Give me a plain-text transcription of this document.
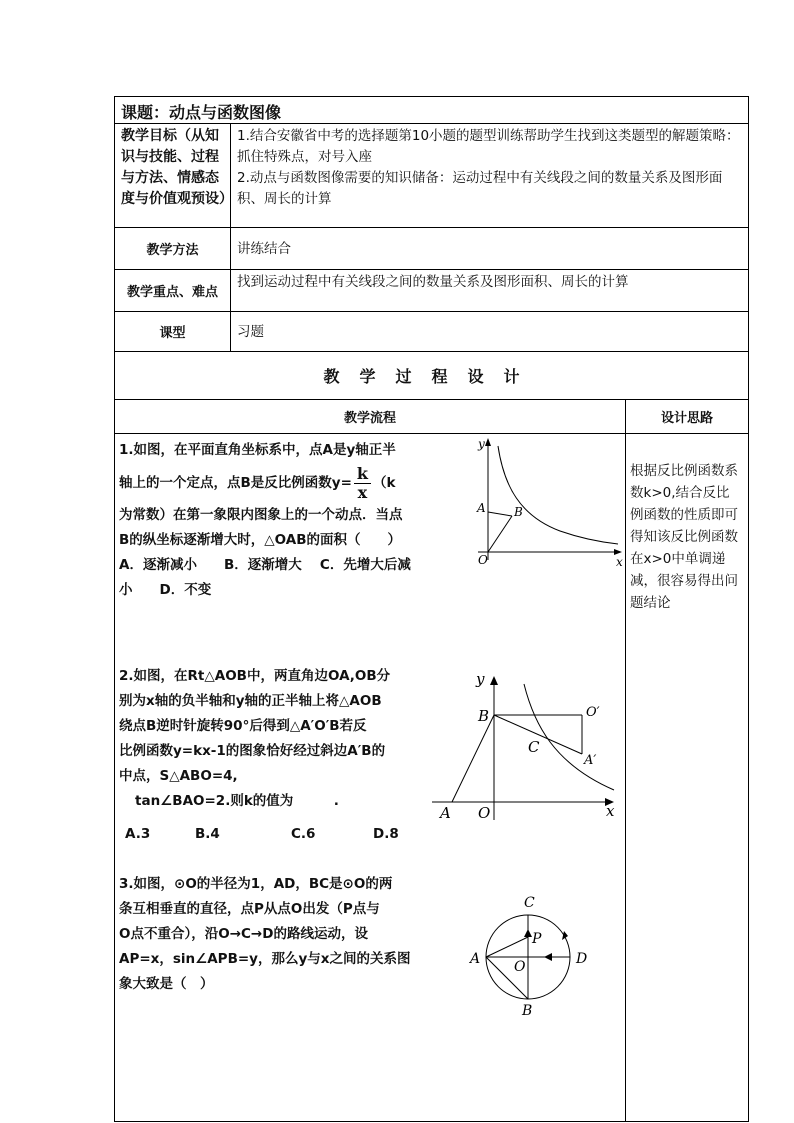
课题：动点与函数图像		
教学目标（从知识与技能、过程与方法、情感态度与价值观预设）	1.结合安徽省中考的选择题第10小题的题型训练帮助学生找到这类题型的解题策略：抓住特殊点，对号入座
2.动点与函数图像需要的知识储备：运动过程中有关线段之间的数量关系及图形面积、周长的计算	

教学方法	讲练结合	
教学重点、难点	找到运动过程中有关线段之间的数量关系及图形面积、周长的计算	
课型	习题	
教学过程设计		
教学流程		设计思路

1.如图，在平面直角坐标系中，点A是y轴正半
轴上的一个定点，点B是反比例函数$y= \frac{k}{x} (k$
为常数）在第一象限内图象上的一个动点．当点
B的纵坐标逐渐增大时，△OAB的面积（　　）
A．逐渐减小　　B．逐渐增大　 C．先增大后减
小　　D．不变
y
x
O
A B
2.如图，在Rt△AOB中，两直角边OA,OB分
别为x轴的负半轴和y轴的正半轴上将△AOB
绕点B逆时针旋转90°后得到△A′O′B若反
比例函数y=kx-1的图象恰好经过斜边A′B的
中点，S△ABO=4,
tan∠BAO=2.则k的值为　　　.
A.3	B.4	C.6	D.8
y
x
O
A
B
C
O′
A′
3.如图，⊙O的半径为1，AD，BC是⊙O的两
条互相垂直的直径，点P从点O出发（P点与
O点不重合），沿O→C→D的路线运动，设
AP=x，sin∠APB=y，那么y与x之间的关系图
象大致是（　）
C
B
A	D
O
P
根据反比例函数系数k>0,结合反比例函数的性质即可得知该反比例函数在x>0中单调递减，很容易得出问题结论
